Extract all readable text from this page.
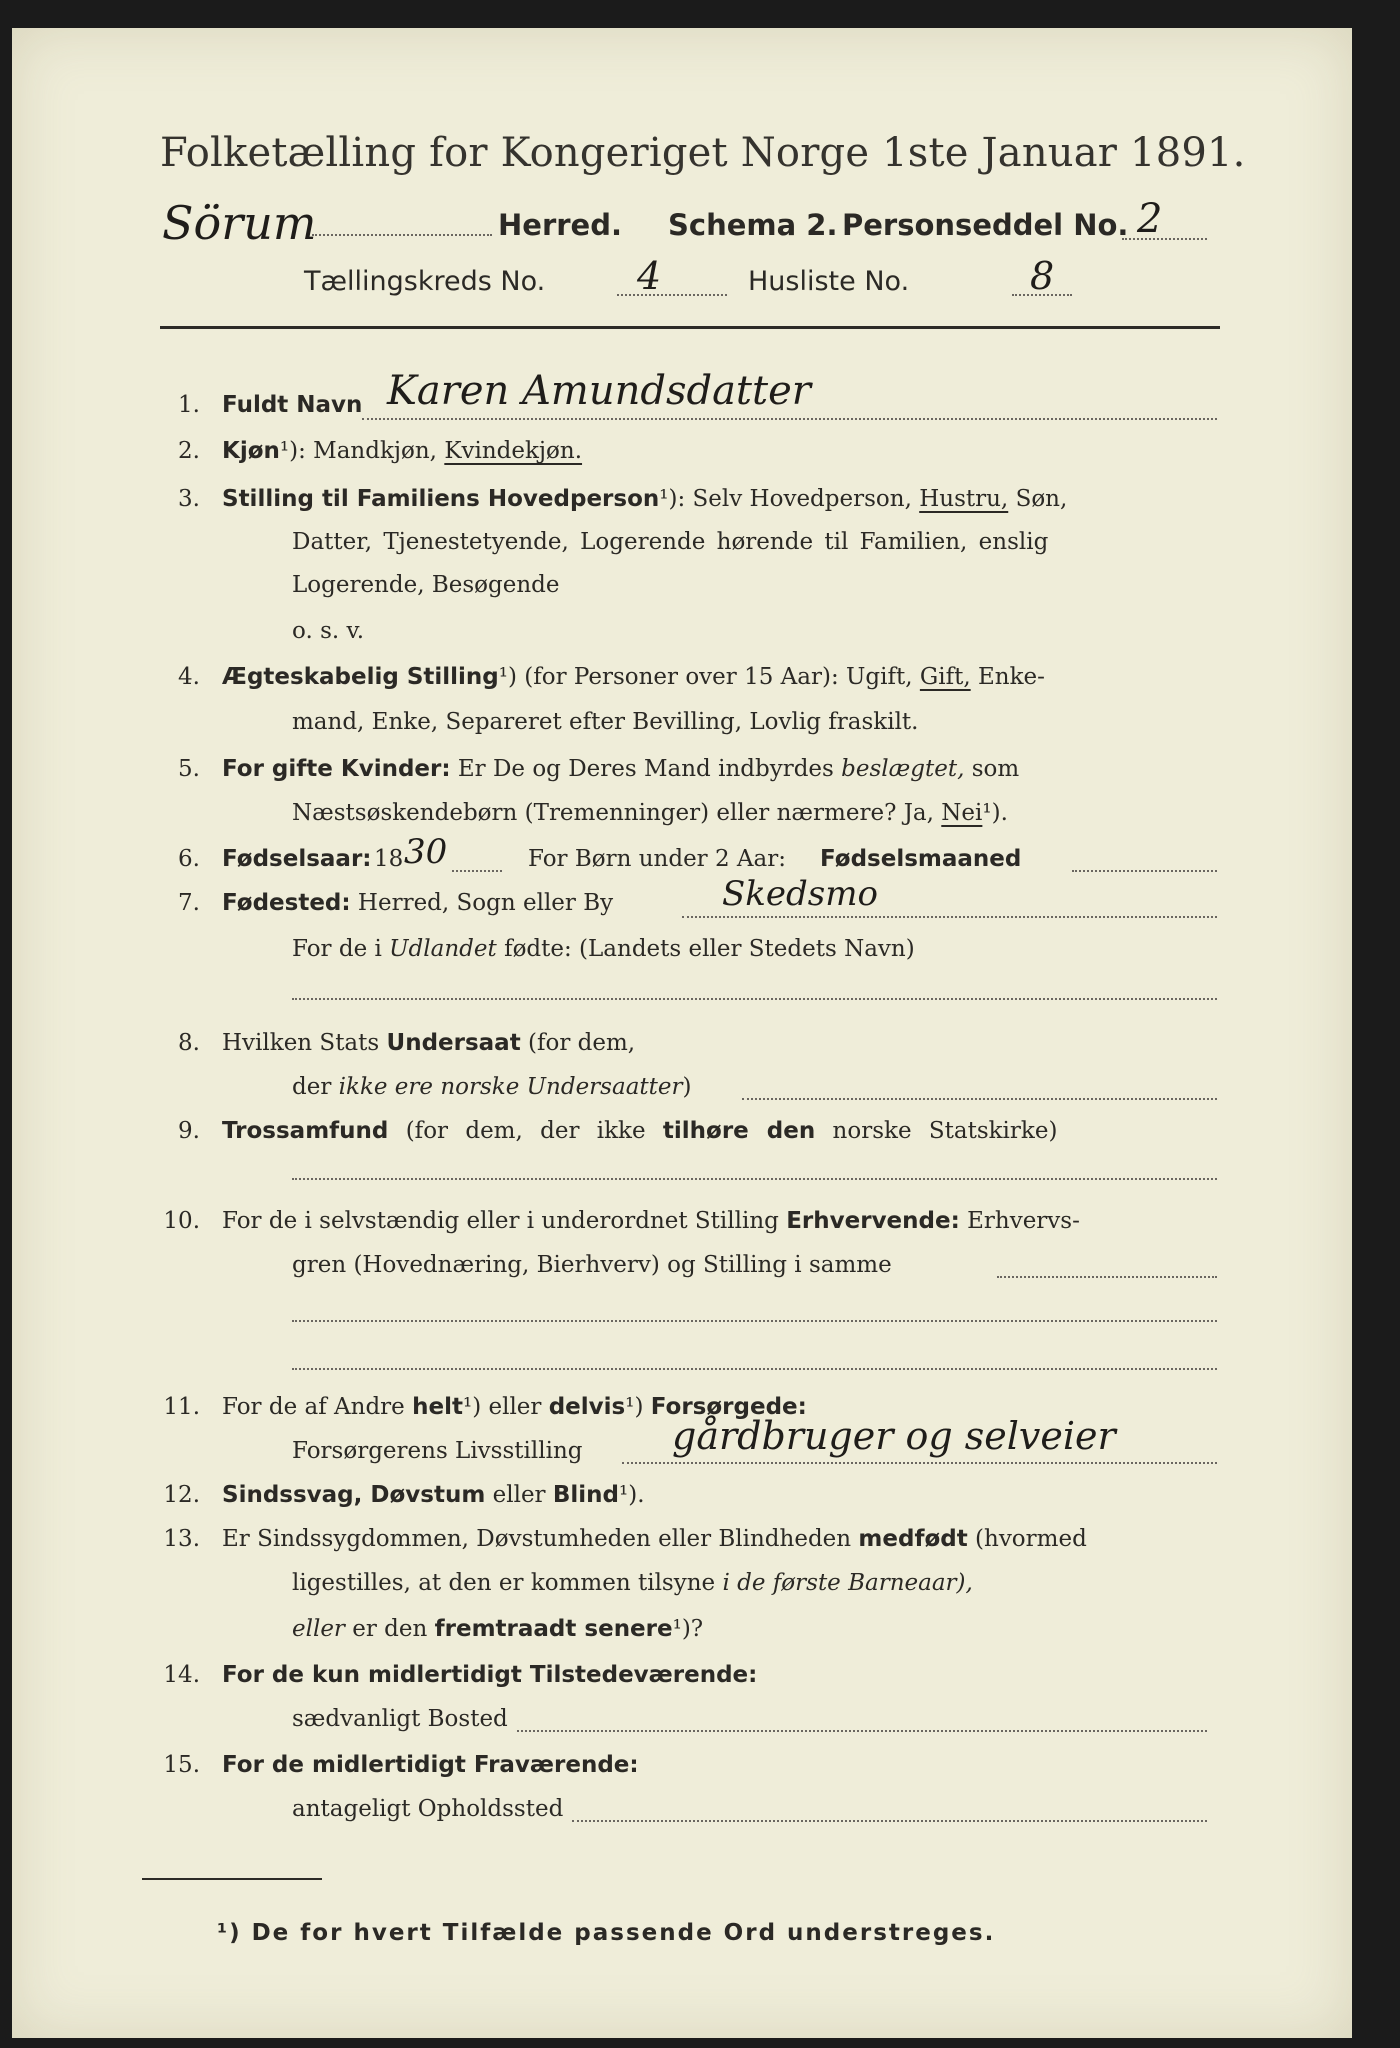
Folketælling for Kongeriget Norge 1ste Januar 1891.
Sörum	Herred. Schema 2. Personseddel No. 2
Tællingskreds No. 4	Husliste No.	8
1. Fuldt Navn Karen Amundsdatter
2. Kjøn¹): Mandkjøn, Kvindekjøn.
3. Stilling til Familiens Hovedperson¹): Selv Hovedperson, Hustru, Søn,
Datter, Tjenestetyende, Logerende hørende til Familien, enslig
Logerende, Besøgende
o. s. v.
4. Ægteskabelig Stilling¹) (for Personer over 15 Aar): Ugift, Gift, Enke-
mand, Enke, Separeret efter Bevilling, Lovlig fraskilt.
5. For gifte Kvinder: Er De og Deres Mand indbyrdes beslægtet, som
Næstsøskendebørn (Tremenninger) eller nærmere? Ja, Nei¹).
6. Fødselsaar: 18 30	For Børn under 2 Aar: Fødselsmaaned
7. Fødested: Herred, Sogn eller By	Skedsmo
For de i Udlandet fødte: (Landets eller Stedets Navn)
8. Hvilken Stats Undersaat (for dem,
der ikke ere norske Undersaatter)
9. Trossamfund (for dem, der ikke tilhøre den norske Statskirke)
10. For de i selvstændig eller i underordnet Stilling Erhvervende: Erhvervs-
gren (Hovednæring, Bierhverv) og Stilling i samme
11. For de af Andre helt¹) eller delvis¹) Forsørgede:
Forsørgerens Livsstilling gårdbruger og selveier
12. Sindssvag, Døvstum eller Blind¹).
13. Er Sindssygdommen, Døvstumheden eller Blindheden medfødt (hvormed
ligestilles, at den er kommen tilsyne i de første Barneaar),
eller er den fremtraadt senere¹)?
14. For de kun midlertidigt Tilstedeværende:
sædvanligt Bosted
15. For de midlertidigt Fraværende:
antageligt Opholdssted
¹) De for hvert Tilfælde passende Ord understreges.
